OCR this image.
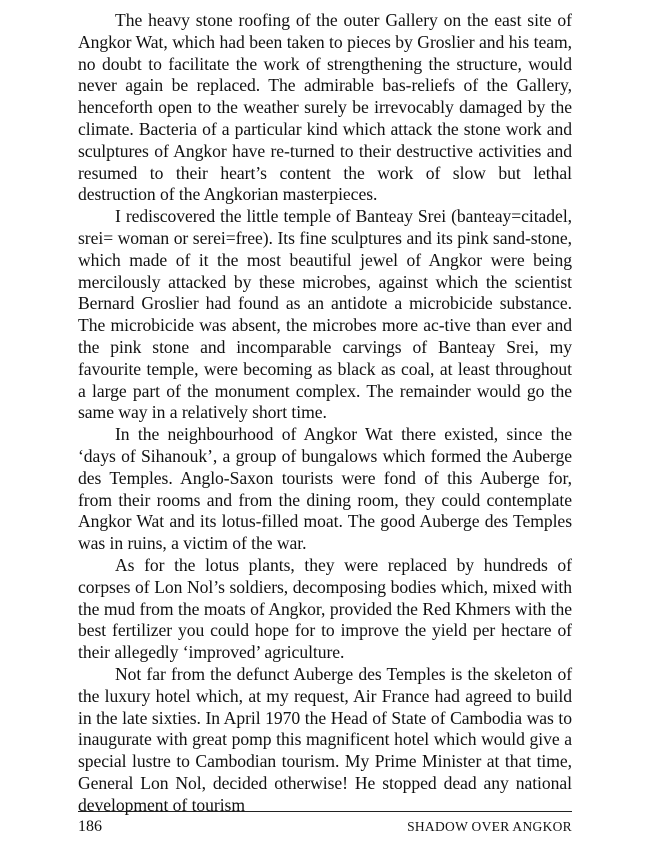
The heavy stone roofing of the outer Gallery on the east site of Angkor Wat, which had been taken to pieces by Groslier and his team, no doubt to facilitate the work of strengthening the structure, would never again be replaced. The admirable bas-reliefs of the Gallery, henceforth open to the weather surely be irrevocably damaged by the climate. Bacteria of a particular kind which attack the stone work and sculptures of Angkor have re-turned to their destructive activities and resumed to their heart’s content the work of slow but lethal destruction of the Angkorian masterpieces.

I rediscovered the little temple of Banteay Srei (banteay=citadel, srei= woman or serei=free). Its fine sculptures and its pink sand-stone, which made of it the most beautiful jewel of Angkor were being mercilously attacked by these microbes, against which the scientist Bernard Groslier had found as an antidote a microbicide substance. The microbicide was absent, the microbes more ac-tive than ever and the pink stone and incomparable carvings of Banteay Srei, my favourite temple, were becoming as black as coal, at least throughout a large part of the monument complex. The remainder would go the same way in a relatively short time.

In the neighbourhood of Angkor Wat there existed, since the ‘days of Sihanouk’, a group of bungalows which formed the Auberge des Temples. Anglo-Saxon tourists were fond of this Auberge for, from their rooms and from the dining room, they could contemplate Angkor Wat and its lotus-filled moat. The good Auberge des Temples was in ruins, a victim of the war.

As for the lotus plants, they were replaced by hundreds of corpses of Lon Nol’s soldiers, decomposing bodies which, mixed with the mud from the moats of Angkor, provided the Red Khmers with the best fertilizer you could hope for to improve the yield per hectare of their allegedly ‘improved’ agriculture.

Not far from the defunct Auberge des Temples is the skeleton of the luxury hotel which, at my request, Air France had agreed to build in the late sixties. In April 1970 the Head of State of Cambodia was to inaugurate with great pomp this magnificent hotel which would give a special lustre to Cambodian tourism. My Prime Minister at that time, General Lon Nol, decided otherwise! He stopped dead any national development of tourism

186	SHADOW OVER ANGKOR
